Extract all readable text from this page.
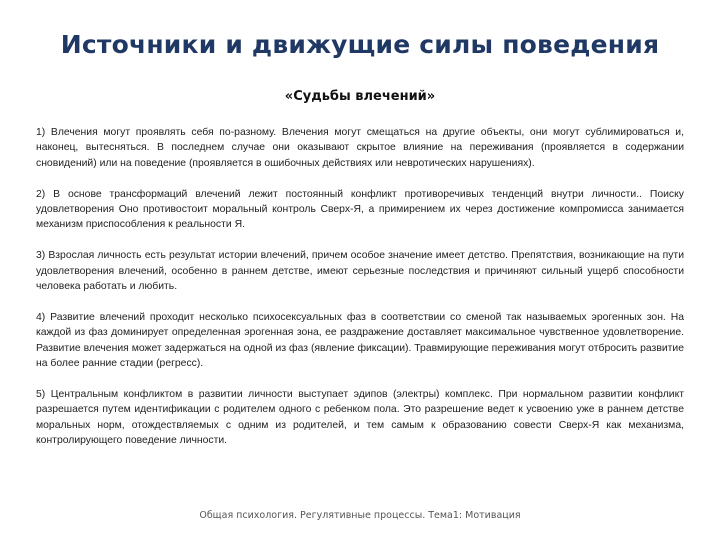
Источники и движущие силы поведения
«Судьбы влечений»

1) Влечения могут проявлять себя по-разному. Влечения могут смещаться на другие объекты, они могут сублимироваться и, наконец, вытесняться. В последнем случае они оказывают скрытое влияние на переживания (проявляется в содержании сновидений) или на поведение (проявляется в ошибочных действиях или невротических нарушениях).

2) В основе трансформаций влечений лежит постоянный конфликт противоречивых тенденций внутри личности.. Поиску удовлетворения Оно противостоит моральный контроль Сверх-Я, а примирением их через достижение компромисса занимается механизм приспособления к реальности Я.

3) Взрослая личность есть результат истории влечений, причем особое значение имеет детство. Препятствия, возникающие на пути удовлетворения влечений, особенно в раннем детстве, имеют серьезные последствия и причиняют сильный ущерб способности человека работать и любить.

4) Развитие влечений проходит несколько психосексуальных фаз в соответствии со сменой так называемых эрогенных зон. На каждой из фаз доминирует определенная эрогенная зона, ее раздражение доставляет максимальное чувственное удовлетворение. Развитие влечения может задержаться на одной из фаз (явление фиксации). Травмирующие переживания могут отбросить развитие на более ранние стадии (регресс).

5) Центральным конфликтом в развитии личности выступает эдипов (электры) комплекс. При нормальном развитии конфликт разрешается путем идентификации с родителем одного с ребенком пола. Это разрешение ведет к усвоению уже в раннем детстве моральных норм, отождествляемых с одним из родителей, и тем самым к образованию совести Сверх-Я как механизма, контролирующего поведение личности.

Общая психология. Регулятивные процессы. Тема1: Мотивация
